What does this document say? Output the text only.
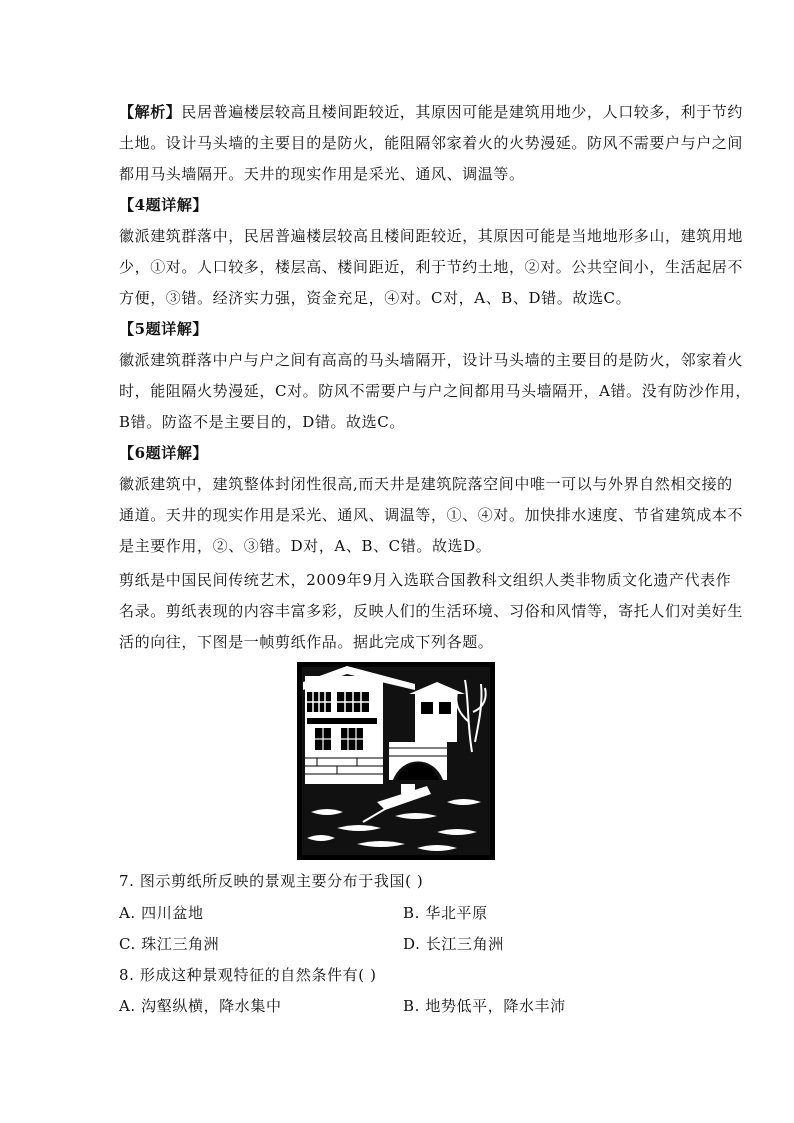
【解析】民居普遍楼层较高且楼间距较近，其原因可能是建筑用地少，人口较多，利于节约
土地。设计马头墙的主要目的是防火，能阻隔邻家着火的火势漫延。防风不需要户与户之间
都用马头墙隔开。天井的现实作用是采光、通风、调温等。
【4题详解】
徽派建筑群落中，民居普遍楼层较高且楼间距较近，其原因可能是当地地形多山，建筑用地
少，①对。人口较多，楼层高、楼间距近，利于节约土地，②对。公共空间小，生活起居不
方便，③错。经济实力强，资金充足，④对。C对，A、B、D错。故选C。
【5题详解】
徽派建筑群落中户与户之间有高高的马头墙隔开，设计马头墙的主要目的是防火，邻家着火
时，能阻隔火势漫延，C对。防风不需要户与户之间都用马头墙隔开，A错。没有防沙作用，
B错。防盗不是主要目的，D错。故选C。
【6题详解】
徽派建筑中，建筑整体封闭性很高,而天井是建筑院落空间中唯一可以与外界自然相交接的
通道。天井的现实作用是采光、通风、调温等，①、④对。加快排水速度、节省建筑成本不
是主要作用，②、③错。D对，A、B、C错。故选D。
剪纸是中国民间传统艺术，2009年9月入选联合国教科文组织人类非物质文化遗产代表作
名录。剪纸表现的内容丰富多彩，反映人们的生活环境、习俗和风情等，寄托人们对美好生
活的向往，下图是一帧剪纸作品。据此完成下列各题。
7. 图示剪纸所反映的景观主要分布于我国( )
A. 四川盆地	B. 华北平原
C. 珠江三角洲	D. 长江三角洲
8. 形成这种景观特征的自然条件有( )
A. 沟壑纵横，降水集中	B. 地势低平，降水丰沛
